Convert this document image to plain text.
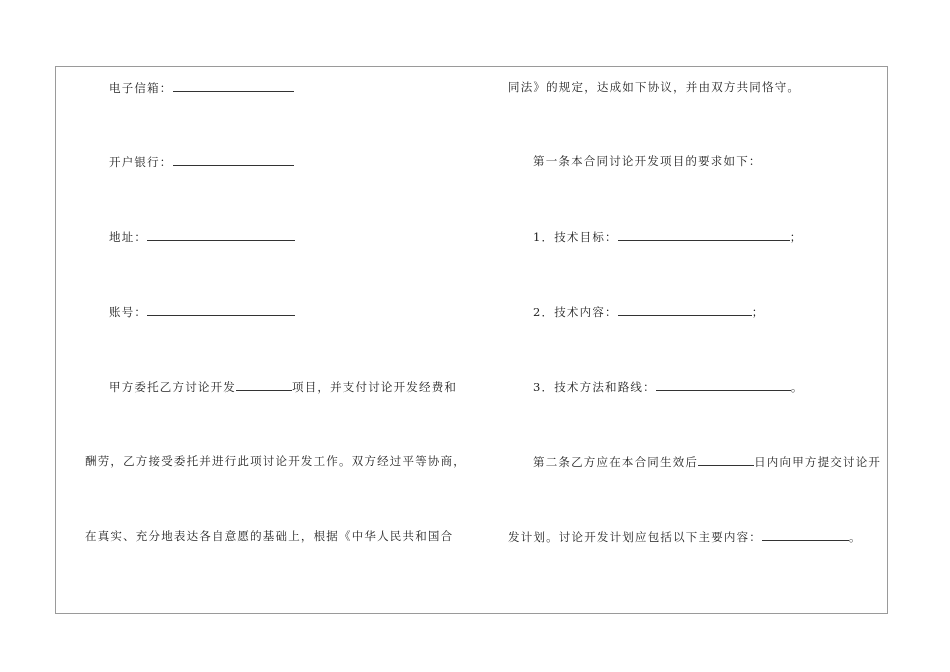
电子信箱：
开户银行：
地址：
账号：
甲方委托乙方讨论开发	项目，并支付讨论开发经费和
酬劳，乙方接受委托并进行此项讨论开发工作。双方经过平等协商，
在真实、充分地表达各自意愿的基础上，根据《中华人民共和国合
同法》的规定，达成如下协议，并由双方共同恪守。
第一条本合同讨论开发项目的要求如下：
1．技术目标：	；
2．技术内容：	；
3．技术方法和路线：	。
第二条乙方应在本合同生效后	日内向甲方提交讨论开
发计划。讨论开发计划应包括以下主要内容：	。
